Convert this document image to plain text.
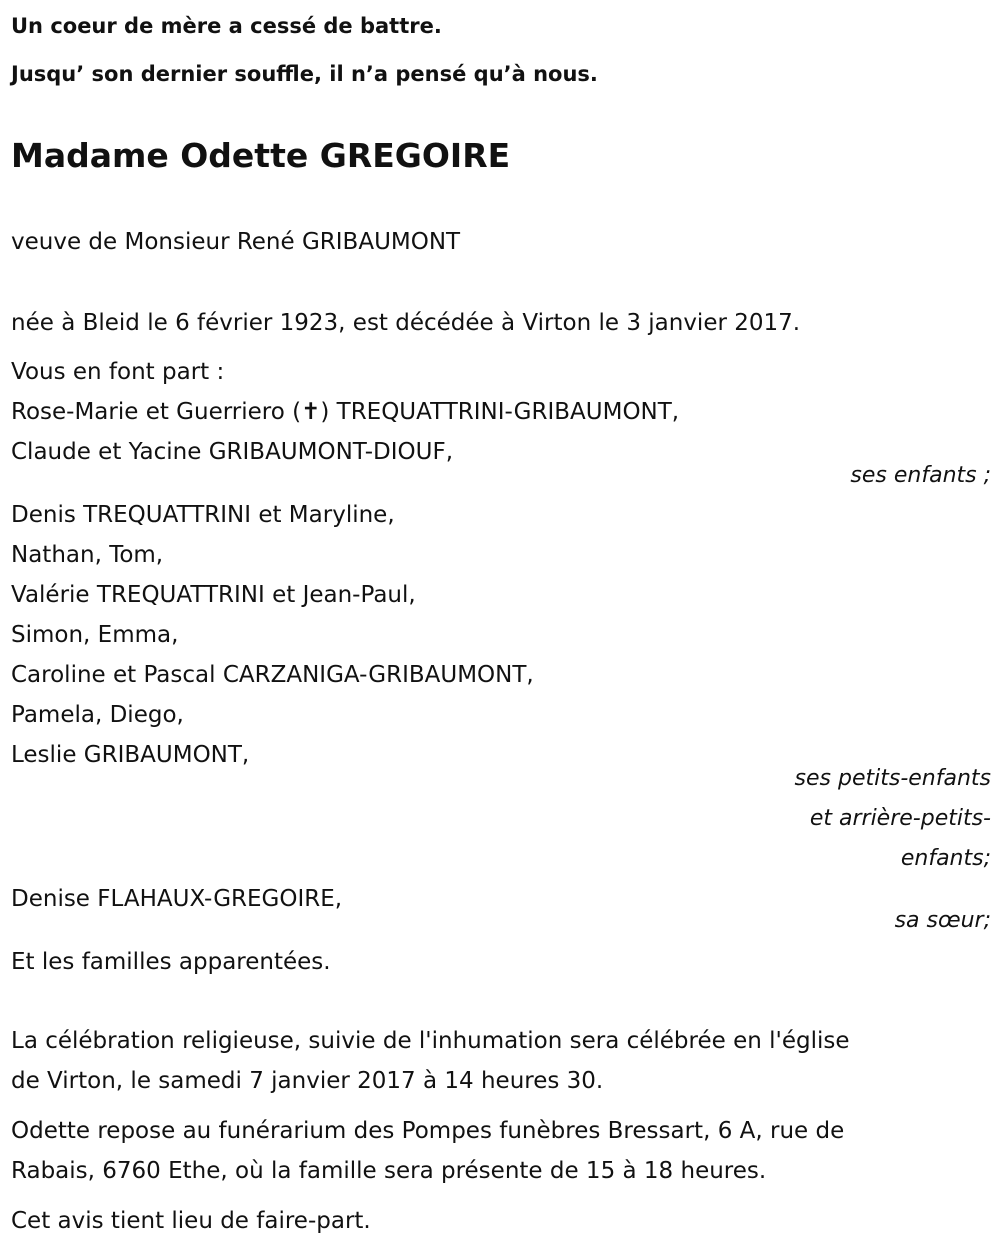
Un coeur de mère a cessé de battre.
Jusqu’ son dernier souffle, il n’a pensé qu’à nous.
Madame Odette GREGOIRE
veuve de Monsieur René GRIBAUMONT
née à Bleid le 6 février 1923, est décédée à Virton le 3 janvier 2017.
Vous en font part :
Rose-Marie et Guerriero (✝) TREQUATTRINI-GRIBAUMONT,
Claude et Yacine GRIBAUMONT-DIOUF,
ses enfants ;
Denis TREQUATTRINI et Maryline,
Nathan, Tom,
Valérie TREQUATTRINI et Jean-Paul,
Simon, Emma,
Caroline et Pascal CARZANIGA-GRIBAUMONT,
Pamela, Diego,
Leslie GRIBAUMONT,
ses petits-enfants
et arrière-petits-
enfants;
Denise FLAHAUX-GREGOIRE,
sa sœur;
Et les familles apparentées.
La célébration religieuse, suivie de l'inhumation sera célébrée en l'église
de Virton, le samedi 7 janvier 2017 à 14 heures 30.
Odette repose au funérarium des Pompes funèbres Bressart, 6 A, rue de
Rabais, 6760 Ethe, où la famille sera présente de 15 à 18 heures.
Cet avis tient lieu de faire-part.
